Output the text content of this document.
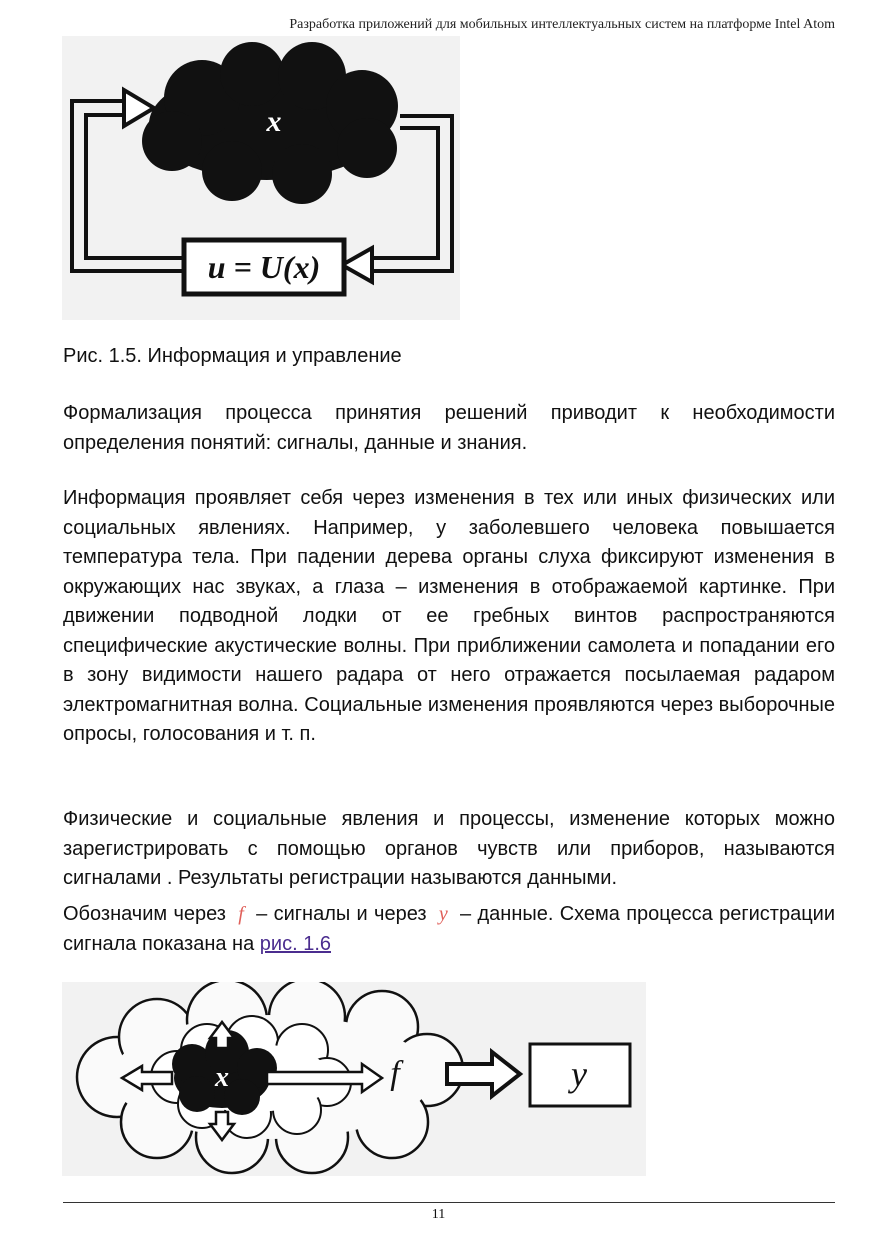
Разработка приложений для мобильных интеллектуальных систем на платформе Intel Atom
x
u = U(x)
Рис. 1.5. Информация и управление

Формализация процесса принятия решений приводит к необходимости определения понятий: сигналы, данные и знания.

Информация проявляет себя через изменения в тех или иных физических или социальных явлениях. Например, у заболевшего человека повышается температура тела. При падении дерева органы слуха фиксируют изменения в окружающих нас звуках, а глаза – изменения в отображаемой картинке. При движении подводной лодки от ее гребных винтов распространяются специфические акустические волны. При приближении самолета и попадании его в зону видимости нашего радара от него отражается посылаемая радаром электромагнитная волна. Социальные изменения проявляются через выборочные опросы, голосования и т. п.

Физические и социальные явления и процессы, изменение которых можно зарегистрировать с помощью органов чувств или приборов, называются сигналами . Результаты регистрации называются данными.

Обозначим через f – сигналы и через y – данные. Схема процесса регистрации сигнала показана на рис. 1.6

x	f	y
11
